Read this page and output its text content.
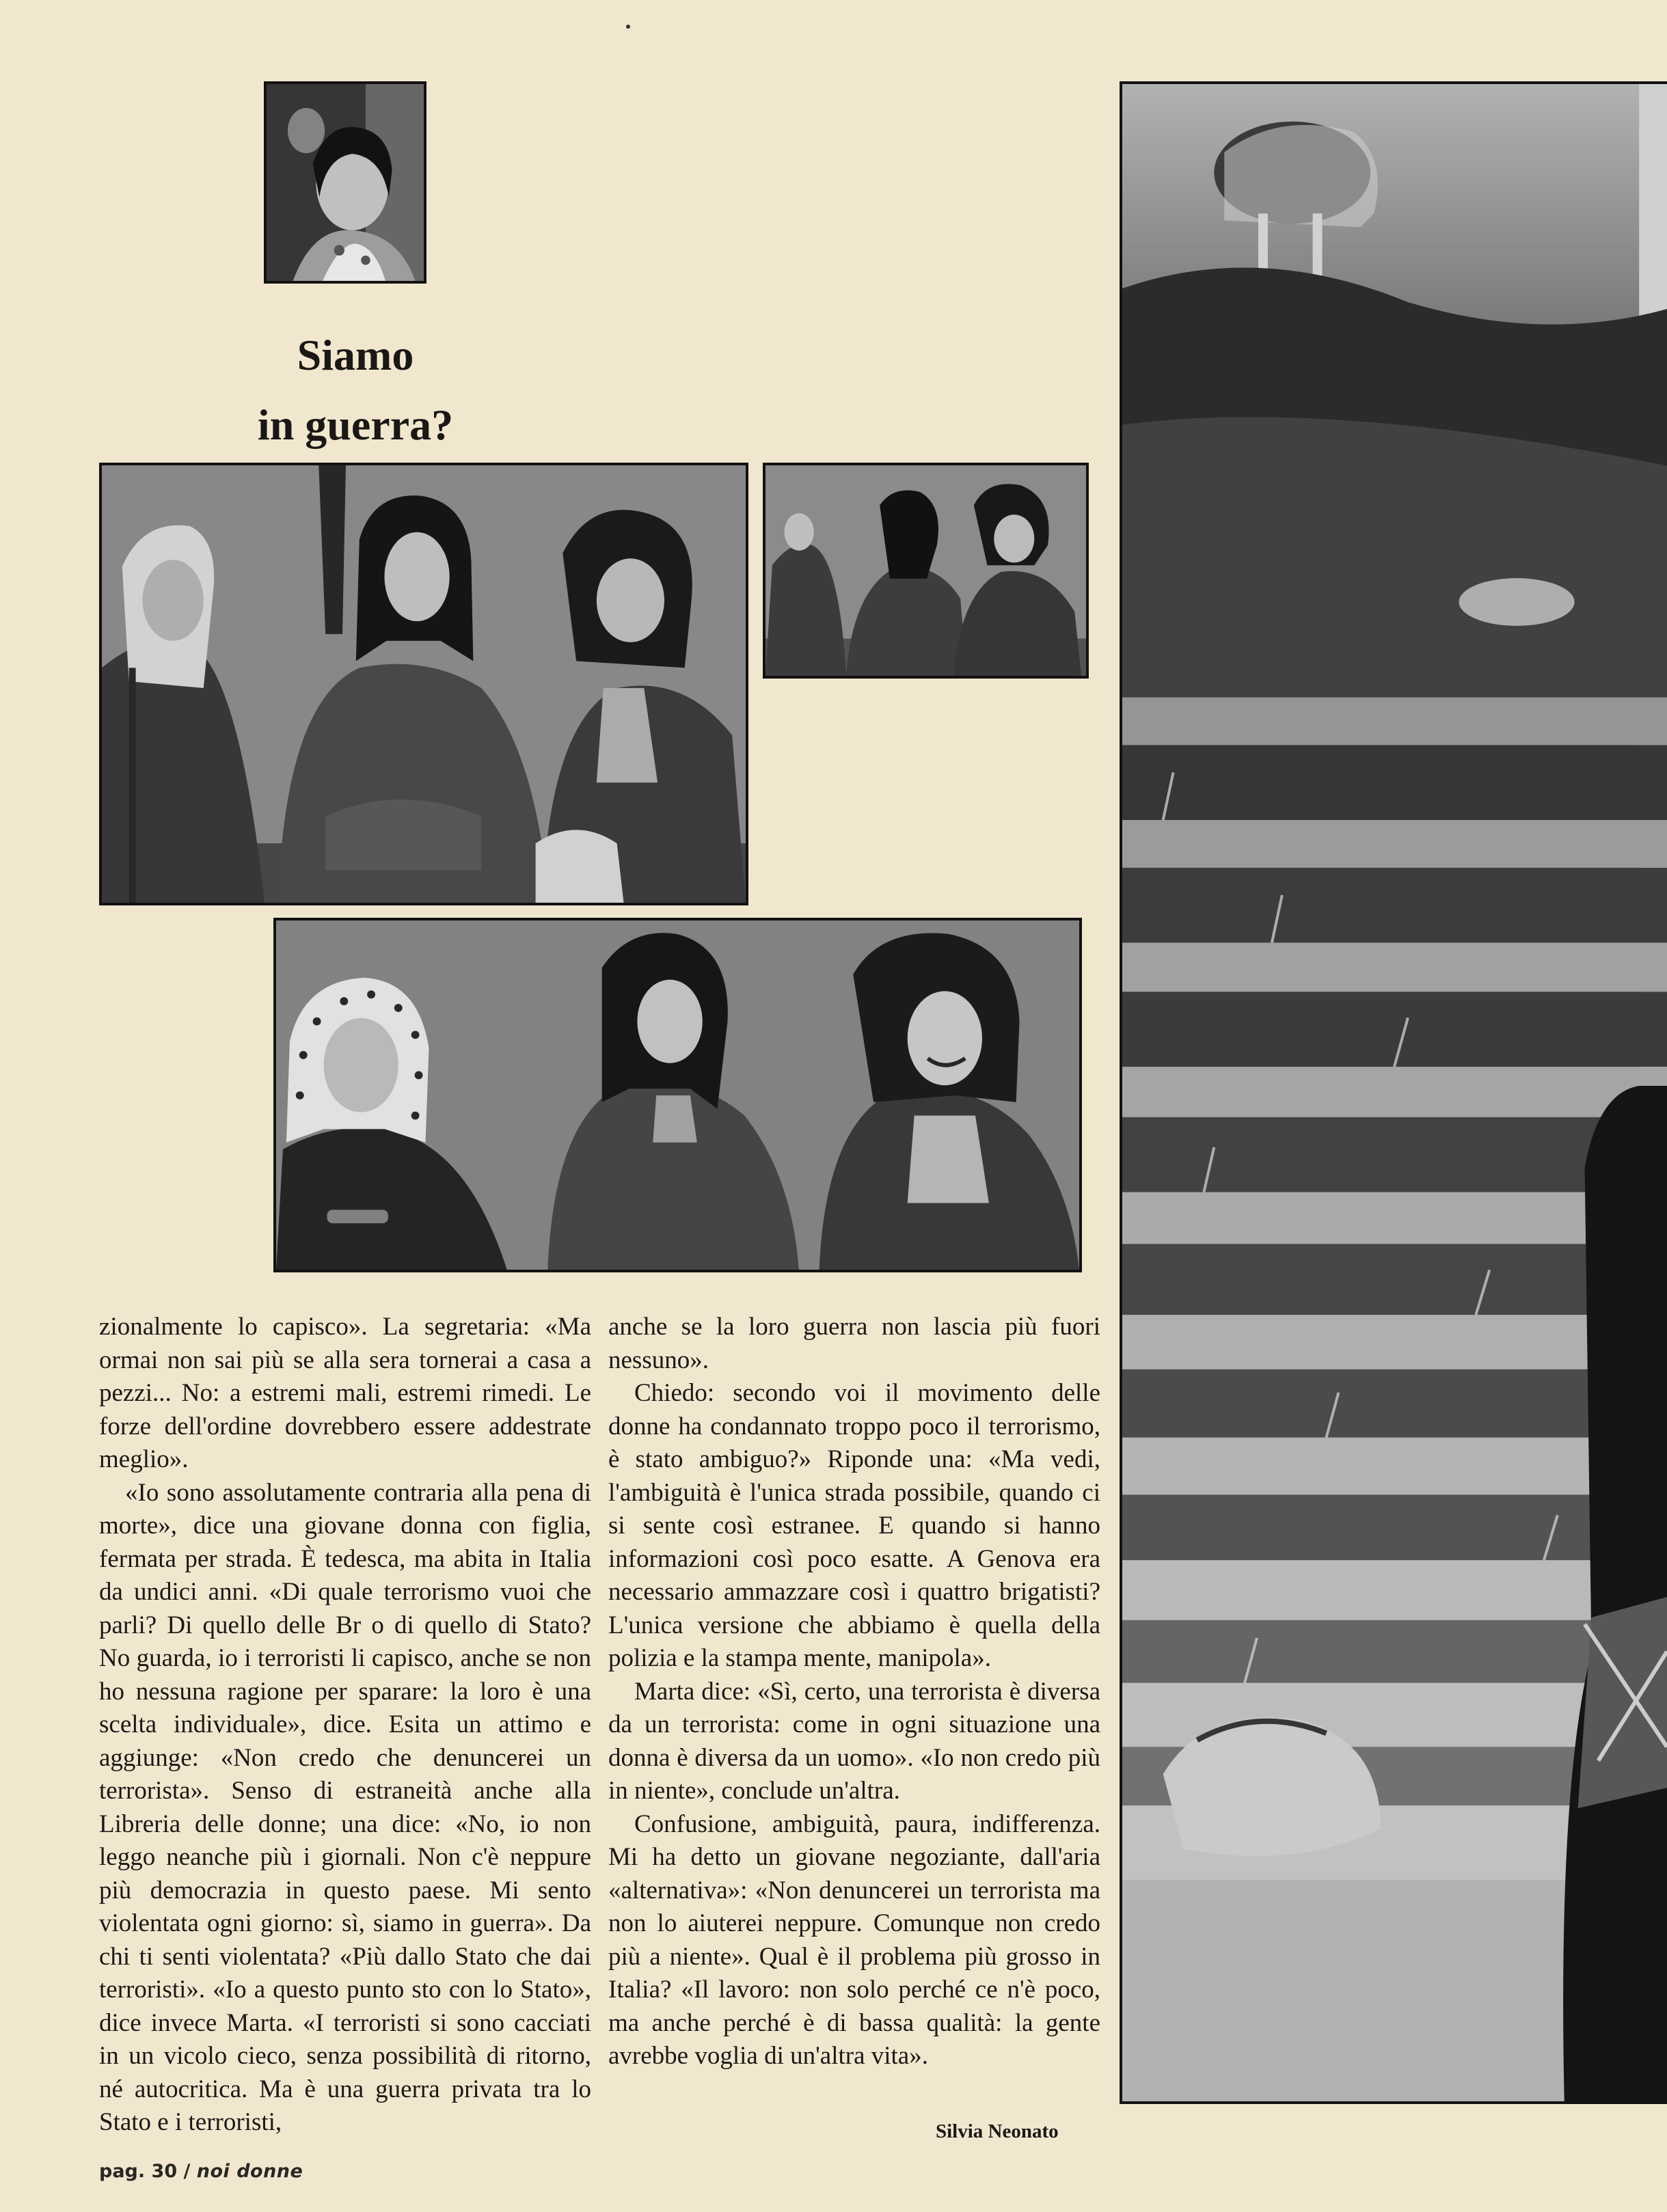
Siamo
in guerra?

zionalmente lo capisco». La segretaria: «Ma ormai non sai più se alla sera tornerai a casa a pezzi... No: a estremi mali, estremi rimedi. Le forze dell'ordine dovrebbero essere addestrate meglio».

«Io sono assolutamente contraria alla pena di morte», dice una giovane donna con figlia, fermata per strada. È tedesca, ma abita in Italia da undici anni. «Di quale terrorismo vuoi che parli? Di quello delle Br o di quello di Stato? No guarda, io i terroristi li capisco, anche se non ho nessuna ragione per sparare: la loro è una scelta individuale», dice. Esita un attimo e aggiunge: «Non credo che denuncerei un terrorista». Senso di estraneità anche alla Libreria delle donne; una dice: «No, io non leggo neanche più i giornali. Non c'è neppure più democrazia in questo paese. Mi sento violentata ogni giorno: sì, siamo in guerra». Da chi ti senti violentata? «Più dallo Stato che dai terroristi». «Io a questo punto sto con lo Stato», dice invece Marta. «I terroristi si sono cacciati in un vicolo cieco, senza possibilità di ritorno, né autocritica. Ma è una guerra privata tra lo Stato e i terroristi,

anche se la loro guerra non lascia più fuori nessuno».

Chiedo: secondo voi il movimento delle donne ha condannato troppo poco il terrorismo, è stato ambiguo?» Riponde una: «Ma vedi, l'ambiguità è l'unica strada possibile, quando ci si sente così estranee. E quando si hanno informazioni così poco esatte. A Genova era necessario ammazzare così i quattro brigatisti? L'unica versione che abbiamo è quella della polizia e la stampa mente, manipola».

Marta dice: «Sì, certo, una terrorista è diversa da un terrorista: come in ogni situazione una donna è diversa da un uomo». «Io non credo più in niente», conclude un'altra.

Confusione, ambiguità, paura, indifferenza. Mi ha detto un giovane negoziante, dall'aria «alternativa»: «Non denuncerei un terrorista ma non lo aiuterei neppure. Comunque non credo più a niente». Qual è il problema più grosso in Italia? «Il lavoro: non solo perché ce n'è poco, ma anche perché è di bassa qualità: la gente avrebbe voglia di un'altra vita».

Silvia Neonato
pag. 30 / noi donne
